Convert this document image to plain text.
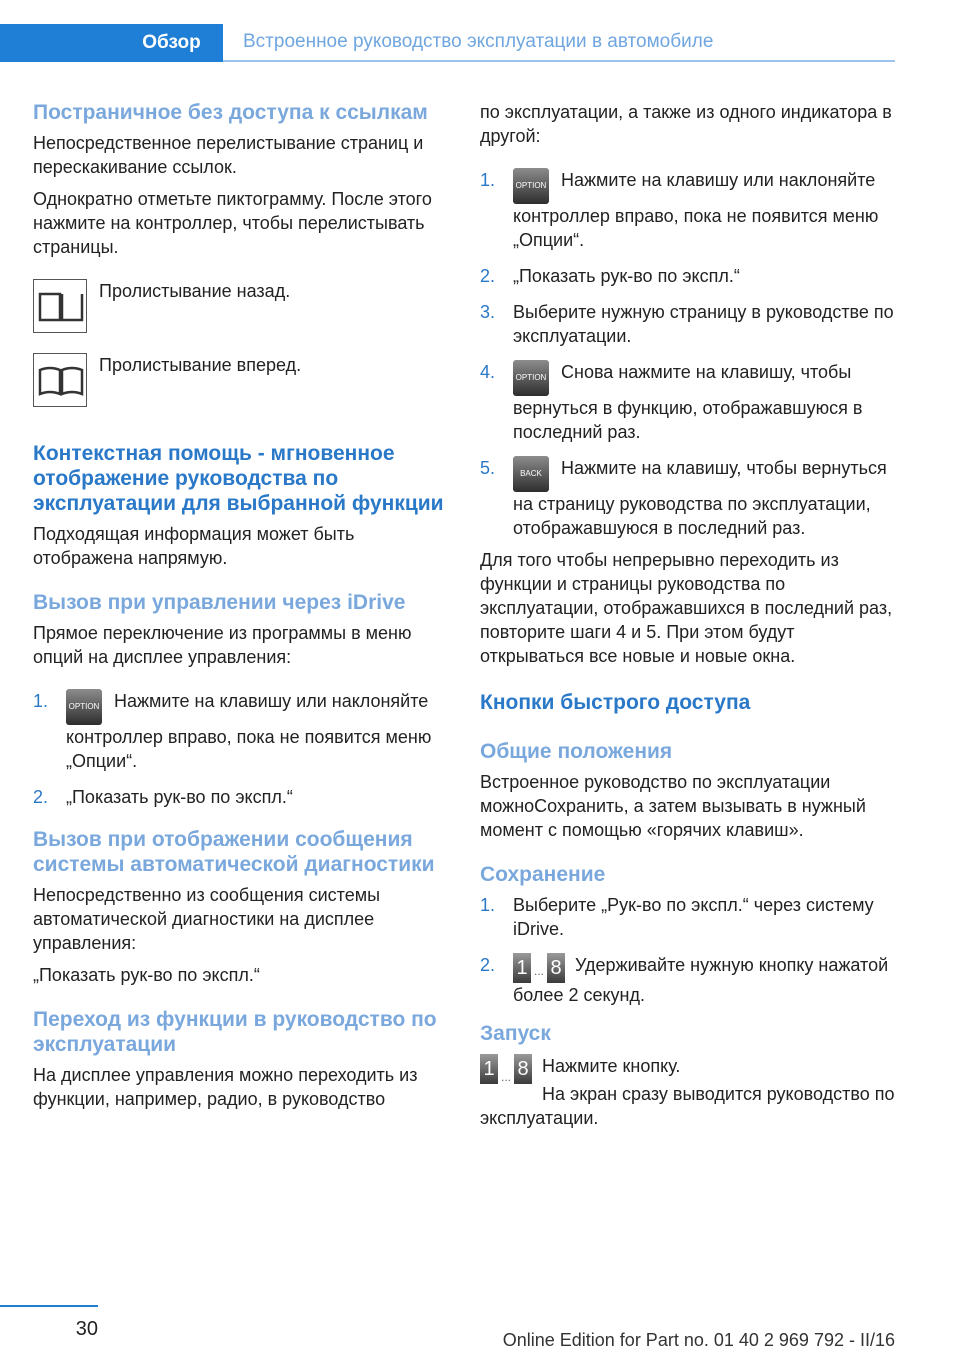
Обзор	Встроенное руководство эксплуатации в автомобиле
Постраничное без доступа к ссылкам

Непосредственное перелистывание страниц и перескакивание ссылок.

Однократно отметьте пиктограмму. После этого нажмите на контроллер, чтобы перелистывать страницы.

Пролистывание назад.

Пролистывание вперед.

Контекстная помощь - мгновенное отображение руководства по эксплуатации для выбранной функции

Подходящая информация может быть отображена напрямую.

Вызов при управлении через iDrive

Прямое переключение из программы в меню опций на дисплее управления:

1.	OPTION Нажмите на клавишу или наклоняйте контроллер вправо, пока не появится меню „Опции“.
2. „Показать рук-во по экспл.“
Вызов при отображении сообщения системы автоматической диагностики

Непосредственно из сообщения системы автоматической диагностики на дисплее управления:

„Показать рук-во по экспл.“

Переход из функции в руководство по эксплуатации

На дисплее управления можно переходить из функции, например, радио, в руководство

по эксплуатации, а также из одного индикатора в другой:

1.	OPTION Нажмите на клавишу или наклоняйте контроллер вправо, пока не появится меню „Опции“.
2. „Показать рук-во по экспл.“
3. Выберите нужную страницу в руководстве по эксплуатации.
4.	OPTION Снова нажмите на клавишу, чтобы вернуться в функцию, отображавшуюся в последний раз.
5.	BACK Нажмите на клавишу, чтобы вернуться на страницу руководства по эксплуатации, отображавшуюся в последний раз.

Для того чтобы непрерывно переходить из функции и страницы руководства по эксплуатации, отображавшихся в последний раз, повторите шаги 4 и 5. При этом будут открываться все новые и новые окна.

Кнопки быстрого доступа
Общие положения

Встроенное руководство по эксплуатации можноСохранить, а затем вызывать в нужный момент с помощью «горячих клавиш».

Сохранение
1. Выберите „Рук-во по экспл.“ через систему iDrive.
2. 1 ... 8 Удерживайте нужную кнопку нажатой более 2 секунд.
Запуск
1 ... 8 Нажмите кнопку.

На экран сразу выводится руководство по эксплуатации.

30	Online Edition for Part no. 01 40 2 969 792 - II/16
